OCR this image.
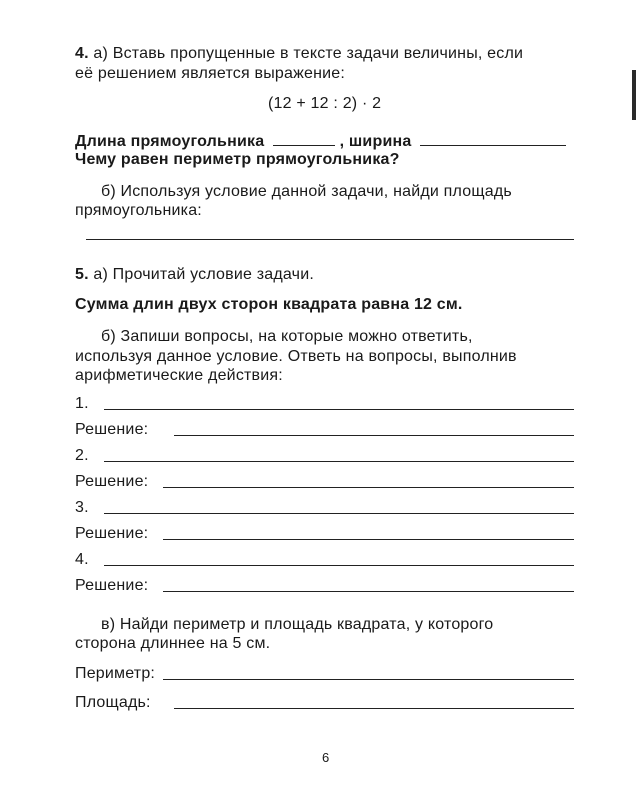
4. а) Вставь пропущенные в тексте задачи величины, если
её решением является выражение:
(12 + 12 : 2) · 2
Длина прямоугольника	, ширина
Чему равен периметр прямоугольника?
б) Используя условие данной задачи, найди площадь
прямоугольника:
5. а) Прочитай условие задачи.
Сумма длин двух сторон квадрата равна 12 см.
б) Запиши вопросы, на которые можно ответить,
используя данное условие. Ответь на вопросы, выполнив
арифметические действия:
1.
Решение:
2.
Решение:
3.
Решение:
4.
Решение:
в) Найди периметр и площадь квадрата, у которого
сторона длиннее на 5 см.
Периметр:
Площадь:
6
